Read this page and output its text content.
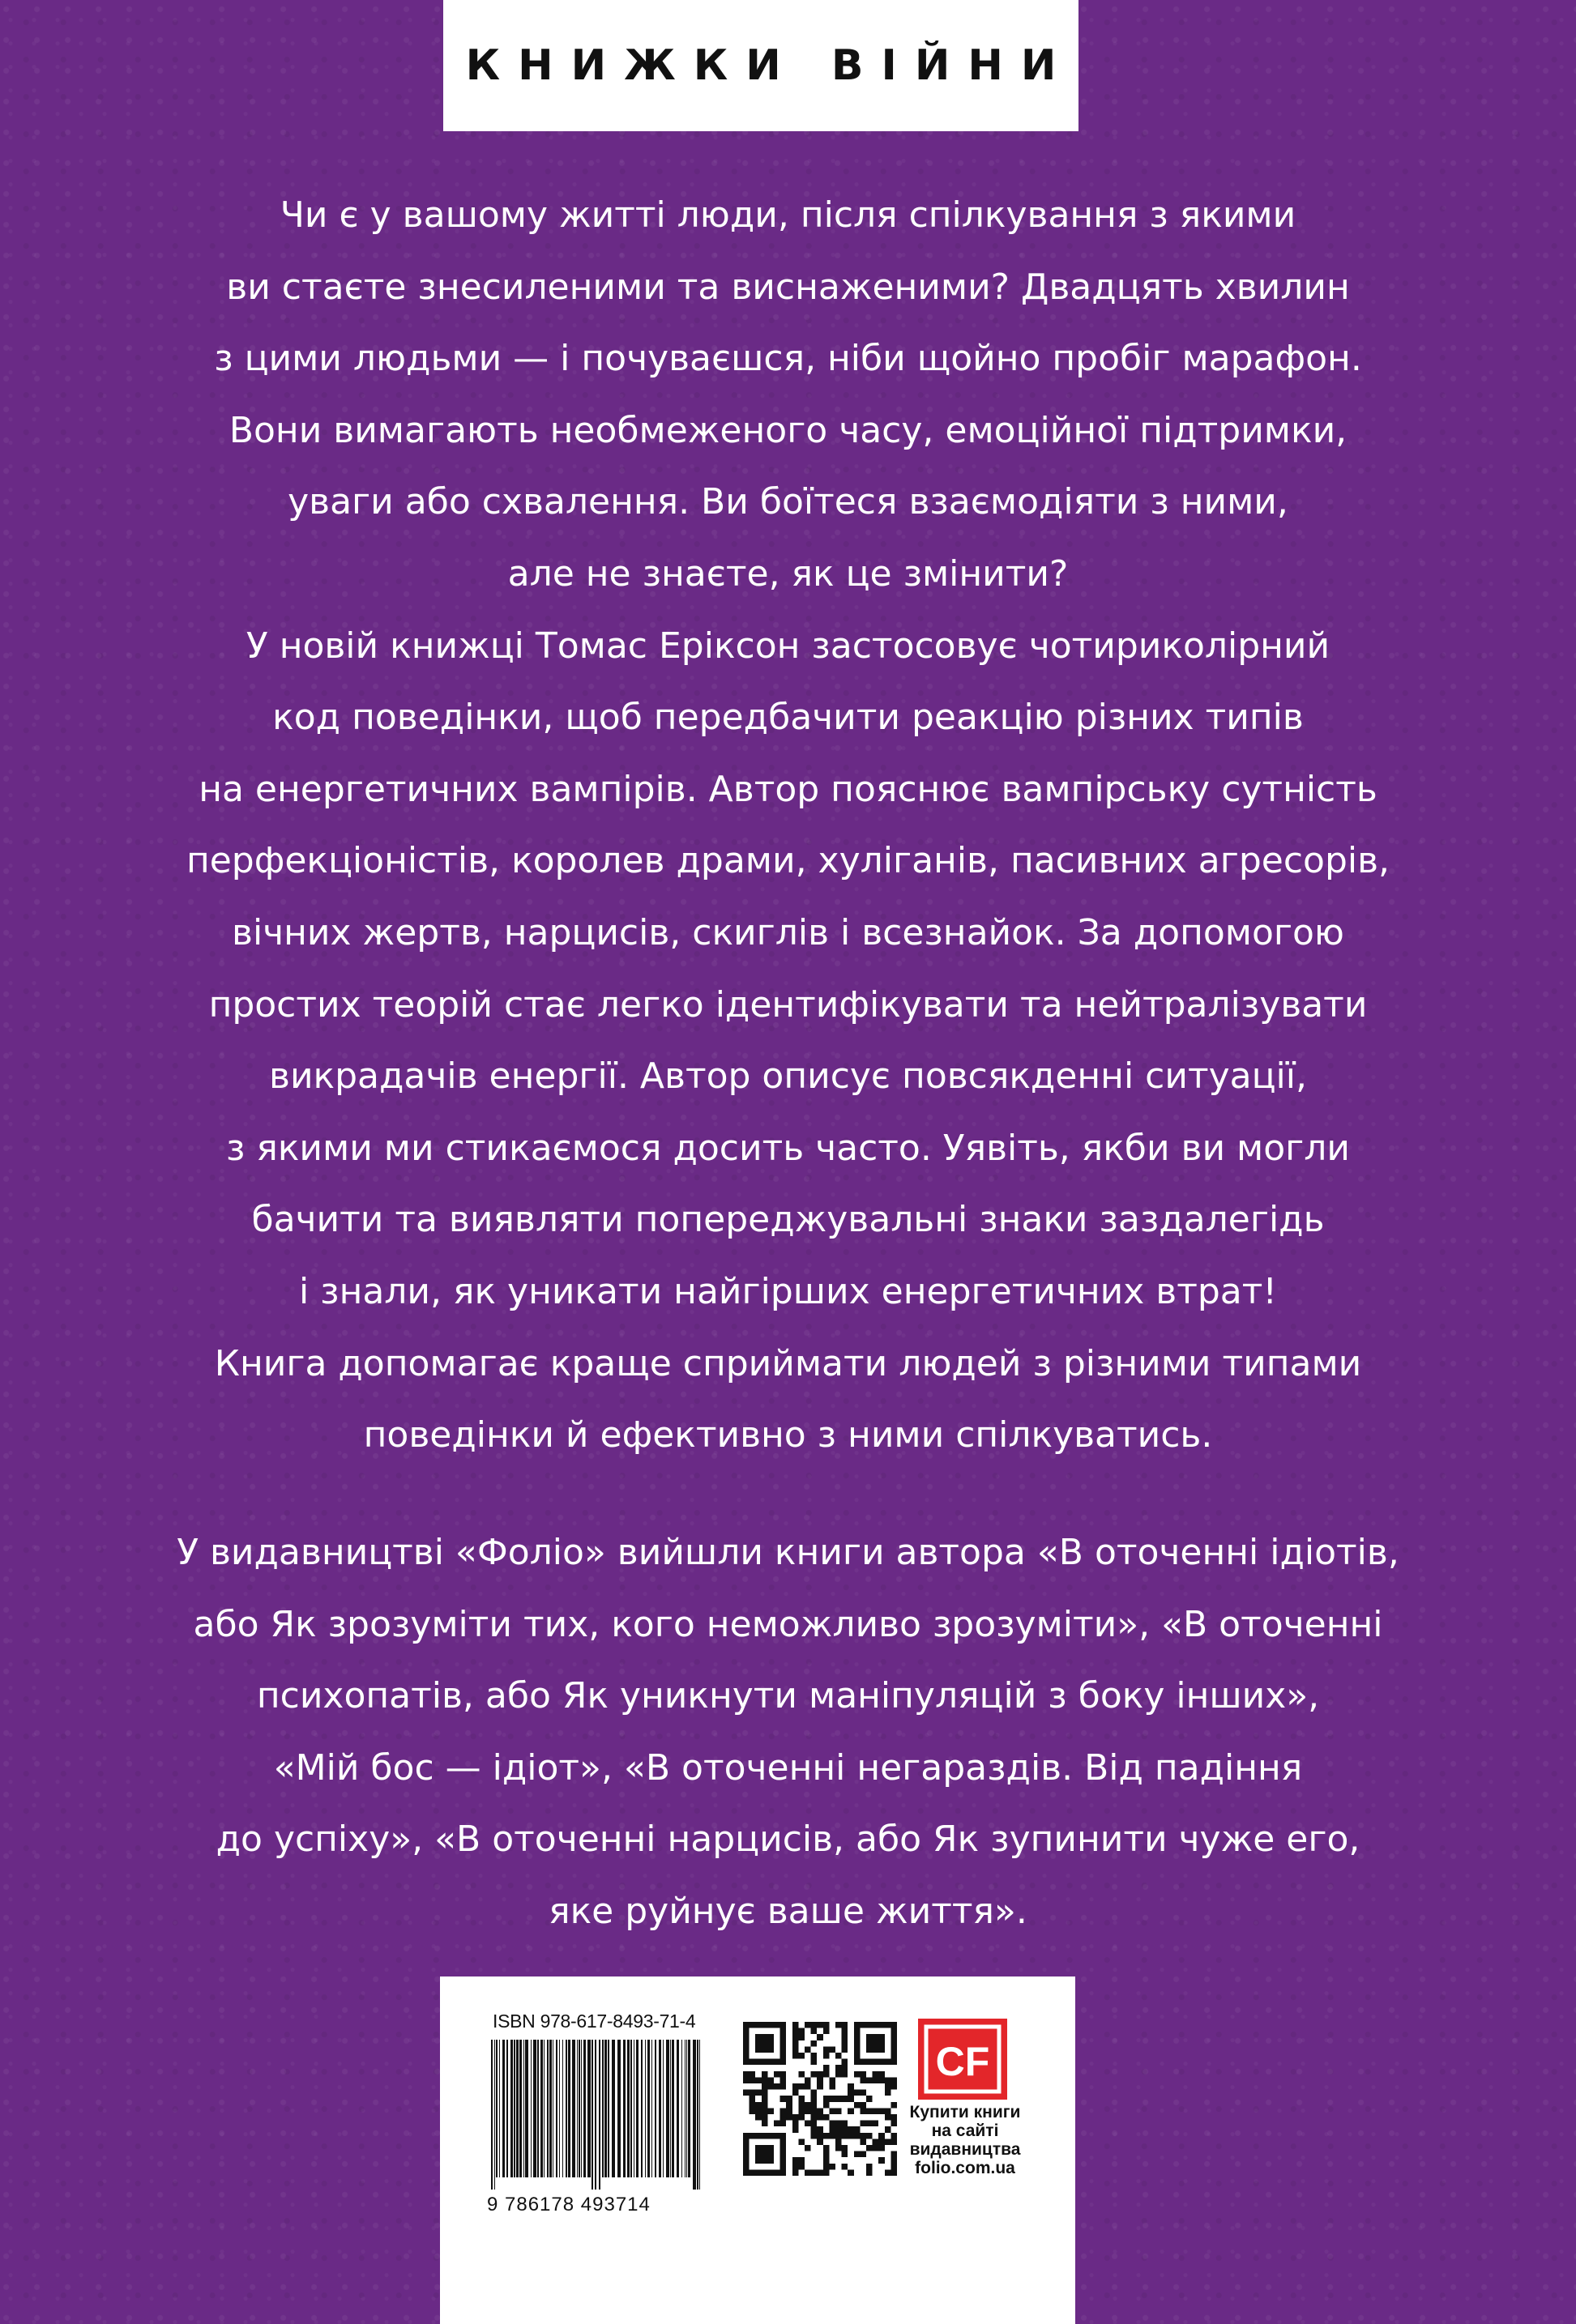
КНИЖКИ ВІЙНИ

Чи є у вашому житті люди, після спілкування з якими
ви стаєте знесиленими та виснаженими? Двадцять хвилин
з цими людьми — і почуваєшся, ніби щойно пробіг марафон.
Вони вимагають необмеженого часу, емоційної підтримки,
уваги або схвалення. Ви боїтеся взаємодіяти з ними,
але не знаєте, як це змінити?
У новій книжці Томас Еріксон застосовує чотириколірний
код поведінки, щоб передбачити реакцію різних типів
на енергетичних вампірів. Автор пояснює вампірську сутність
перфекціоністів, королев драми, хуліганів, пасивних агресорів,
вічних жертв, нарцисів, скиглів і всезнайок. За допомогою
простих теорій стає легко ідентифікувати та нейтралізувати
викрадачів енергії. Автор описує повсякденні ситуації,
з якими ми стикаємося досить часто. Уявіть, якби ви могли
бачити та виявляти попереджувальні знаки заздалегідь
і знали, як уникати найгірших енергетичних втрат!
Книга допомагає краще сприймати людей з різними типами
поведінки й ефективно з ними спілкуватись.

У видавництві «Фоліо» вийшли книги автора «В оточенні ідіотів,
або Як зрозуміти тих, кого неможливо зрозуміти», «В оточенні
психопатів, або Як уникнути маніпуляцій з боку інших»,
«Мій бос — ідіот», «В оточенні негараздів. Від падіння
до успіху», «В оточенні нарцисів, або Як зупинити чуже его,
яке руйнує ваше життя».

ISBN 978-617-8493-71-4
9 786178 493714
CF
Купити книги
на сайті
видавництва
folio.com.ua
